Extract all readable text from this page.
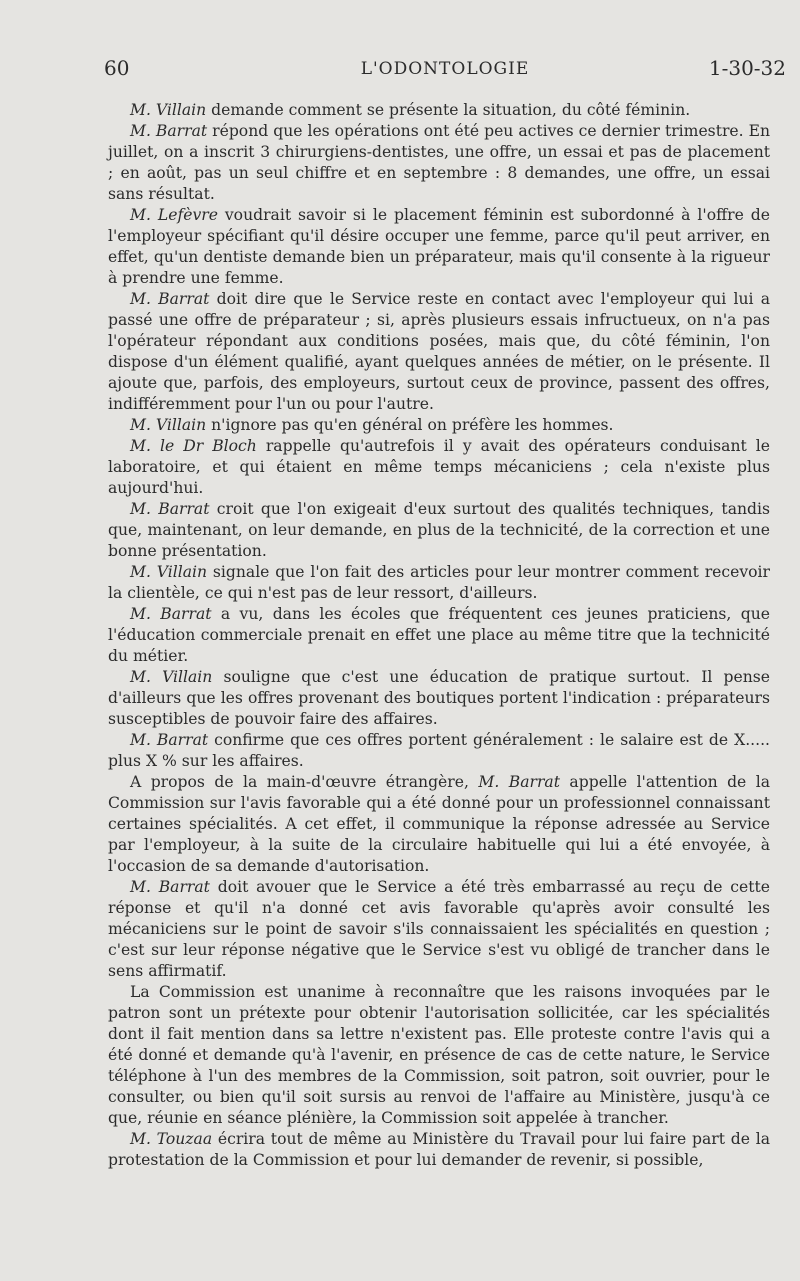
60	L'ODONTOLOGIE	1-30-32

M. Villain demande comment se présente la situation, du côté féminin.

M. Barrat répond que les opérations ont été peu actives ce dernier trimestre. En juillet, on a inscrit 3 chirurgiens-dentistes, une offre, un essai et pas de placement ; en août, pas un seul chiffre et en septembre : 8 demandes, une offre, un essai sans résultat.

M. Lefèvre voudrait savoir si le placement féminin est subordonné à l'offre de l'employeur spécifiant qu'il désire occuper une femme, parce qu'il peut arriver, en effet, qu'un dentiste demande bien un préparateur, mais qu'il consente à la rigueur à prendre une femme.

M. Barrat doit dire que le Service reste en contact avec l'employeur qui lui a passé une offre de préparateur ; si, après plusieurs essais infructueux, on n'a pas l'opérateur répondant aux conditions posées, mais que, du côté féminin, l'on dispose d'un élément qualifié, ayant quelques années de métier, on le présente. Il ajoute que, parfois, des employeurs, surtout ceux de province, passent des offres, indifféremment pour l'un ou pour l'autre.

M. Villain n'ignore pas qu'en général on préfère les hommes.

M. le Dr Bloch rappelle qu'autrefois il y avait des opérateurs conduisant le laboratoire, et qui étaient en même temps mécaniciens ; cela n'existe plus aujourd'hui.

M. Barrat croit que l'on exigeait d'eux surtout des qualités techniques, tandis que, maintenant, on leur demande, en plus de la technicité, de la correction et une bonne présentation.

M. Villain signale que l'on fait des articles pour leur montrer comment recevoir la clientèle, ce qui n'est pas de leur ressort, d'ailleurs.

M. Barrat a vu, dans les écoles que fréquentent ces jeunes praticiens, que l'éducation commerciale prenait en effet une place au même titre que la technicité du métier.

M. Villain souligne que c'est une éducation de pratique surtout. Il pense d'ailleurs que les offres provenant des boutiques portent l'indication : préparateurs susceptibles de pouvoir faire des affaires.

M. Barrat confirme que ces offres portent généralement : le salaire est de X..... plus X % sur les affaires.

A propos de la main-d'œuvre étrangère, M. Barrat appelle l'attention de la Commission sur l'avis favorable qui a été donné pour un professionnel connaissant certaines spécialités. A cet effet, il communique la réponse adressée au Service par l'employeur, à la suite de la circulaire habituelle qui lui a été envoyée, à l'occasion de sa demande d'autorisation.

M. Barrat doit avouer que le Service a été très embarrassé au reçu de cette réponse et qu'il n'a donné cet avis favorable qu'après avoir consulté les mécaniciens sur le point de savoir s'ils connaissaient les spécialités en question ; c'est sur leur réponse négative que le Service s'est vu obligé de trancher dans le sens affirmatif.

La Commission est unanime à reconnaître que les raisons invoquées par le patron sont un prétexte pour obtenir l'autorisation sollicitée, car les spécialités dont il fait mention dans sa lettre n'existent pas. Elle proteste contre l'avis qui a été donné et demande qu'à l'avenir, en présence de cas de cette nature, le Service téléphone à l'un des membres de la Commission, soit patron, soit ouvrier, pour le consulter, ou bien qu'il soit sursis au renvoi de l'affaire au Ministère, jusqu'à ce que, réunie en séance plénière, la Commission soit appelée à trancher.

M. Touzaa écrira tout de même au Ministère du Travail pour lui faire part de la protestation de la Commission et pour lui demander de revenir, si possible,
